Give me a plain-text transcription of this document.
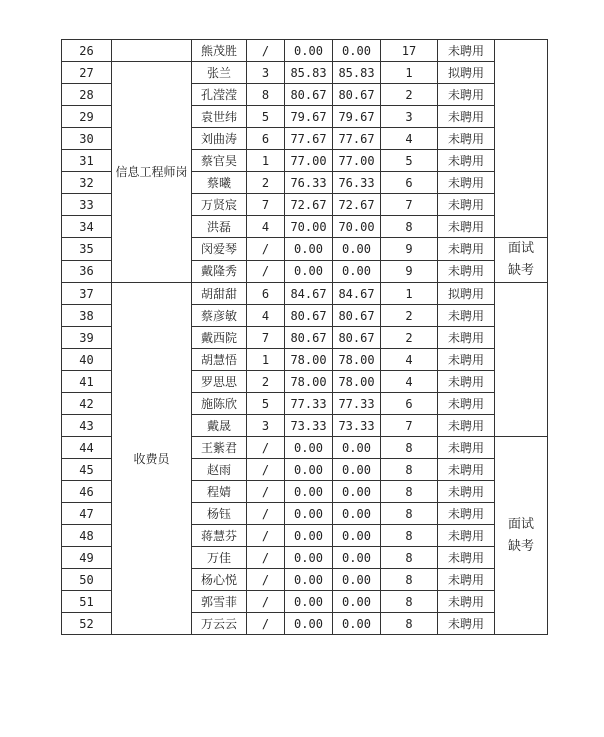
26		熊茂胜	/	0.00	0.00	17	未聘用	
27	信息工程师岗	张兰	3	85.83	85.83	1	拟聘用	
28		孔滢滢	8	80.67	80.67	2	未聘用	
29		袁世纬	5	79.67	79.67	3	未聘用	
30		刘曲涛	6	77.67	77.67	4	未聘用	
31		蔡官昊	1	77.00	77.00	5	未聘用	
32		蔡曦	2	76.33	76.33	6	未聘用	
33		万贤宸	7	72.67	72.67	7	未聘用	
34		洪磊	4	70.00	70.00	8	未聘用	
35		闵爱琴	/	0.00	0.00	9	未聘用	面试
缺考
36		戴隆秀	/	0.00	0.00	9	未聘用	
37	收费员	胡甜甜	6	84.67	84.67	1	拟聘用	
38		蔡彦敏	4	80.67	80.67	2	未聘用	
39		戴西院	7	80.67	80.67	2	未聘用	
40		胡慧悟	1	78.00	78.00	4	未聘用	
41		罗思思	2	78.00	78.00	4	未聘用	
42		施陈欣	5	77.33	77.33	6	未聘用	
43		戴晟	3	73.33	73.33	7	未聘用	
44		王紫君	/	0.00	0.00	8	未聘用	面试
缺考
45		赵雨	/	0.00	0.00	8	未聘用	
46		程婧	/	0.00	0.00	8	未聘用	
47		杨钰	/	0.00	0.00	8	未聘用	
48		蒋慧芬	/	0.00	0.00	8	未聘用	
49		万佳	/	0.00	0.00	8	未聘用	
50		杨心悦	/	0.00	0.00	8	未聘用	
51		郭雪菲	/	0.00	0.00	8	未聘用	
52		万云云	/	0.00	0.00	8	未聘用	
